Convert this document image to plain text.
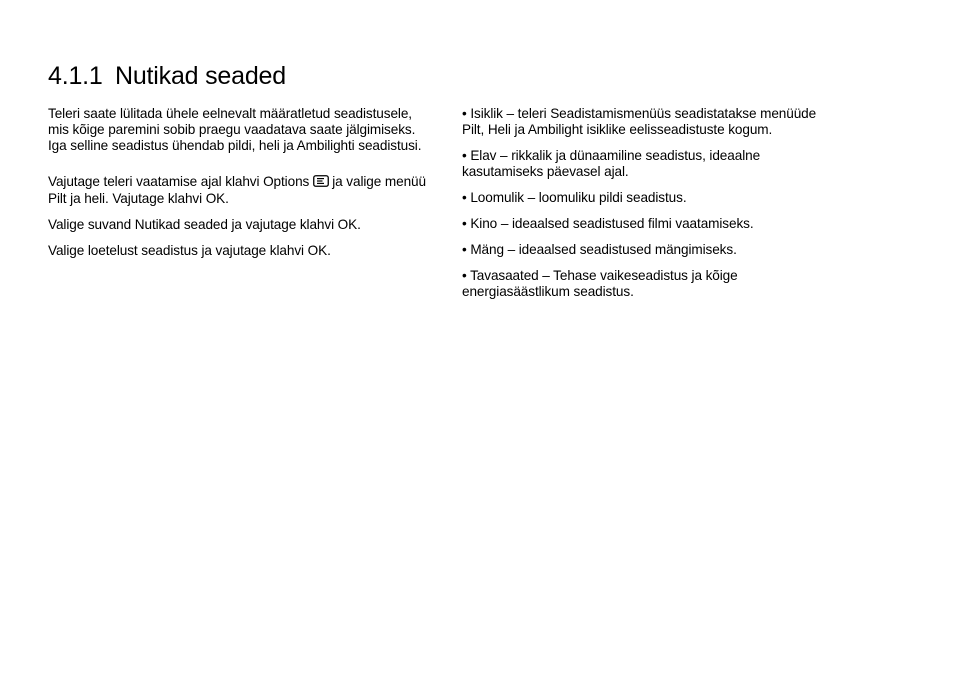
4.1.1 Nutikad seaded

Teleri saate lülitada ühele eelnevalt määratletud seadistusele, mis kõige paremini sobib praegu vaadatava saate jälgimiseks. Iga selline seadistus ühendab pildi, heli ja Ambilighti seadistusi.

Vajutage teleri vaatamise ajal klahvi Options ja valige menüü Pilt ja heli. Vajutage klahvi OK.

Valige suvand Nutikad seaded ja vajutage klahvi OK.

Valige loetelust seadistus ja vajutage klahvi OK.

• Isiklik – teleri Seadistamismenüüs seadistatakse menüüde Pilt, Heli ja Ambilight isiklike eelisseadistuste kogum.

• Elav – rikkalik ja dünaamiline seadistus, ideaalne kasutamiseks päevasel ajal.

• Loomulik – loomuliku pildi seadistus.

• Kino – ideaalsed seadistused filmi vaatamiseks.

• Mäng – ideaalsed seadistused mängimiseks.

• Tavasaated – Tehase vaikeseadistus ja kõige energiasäästlikum seadistus.
